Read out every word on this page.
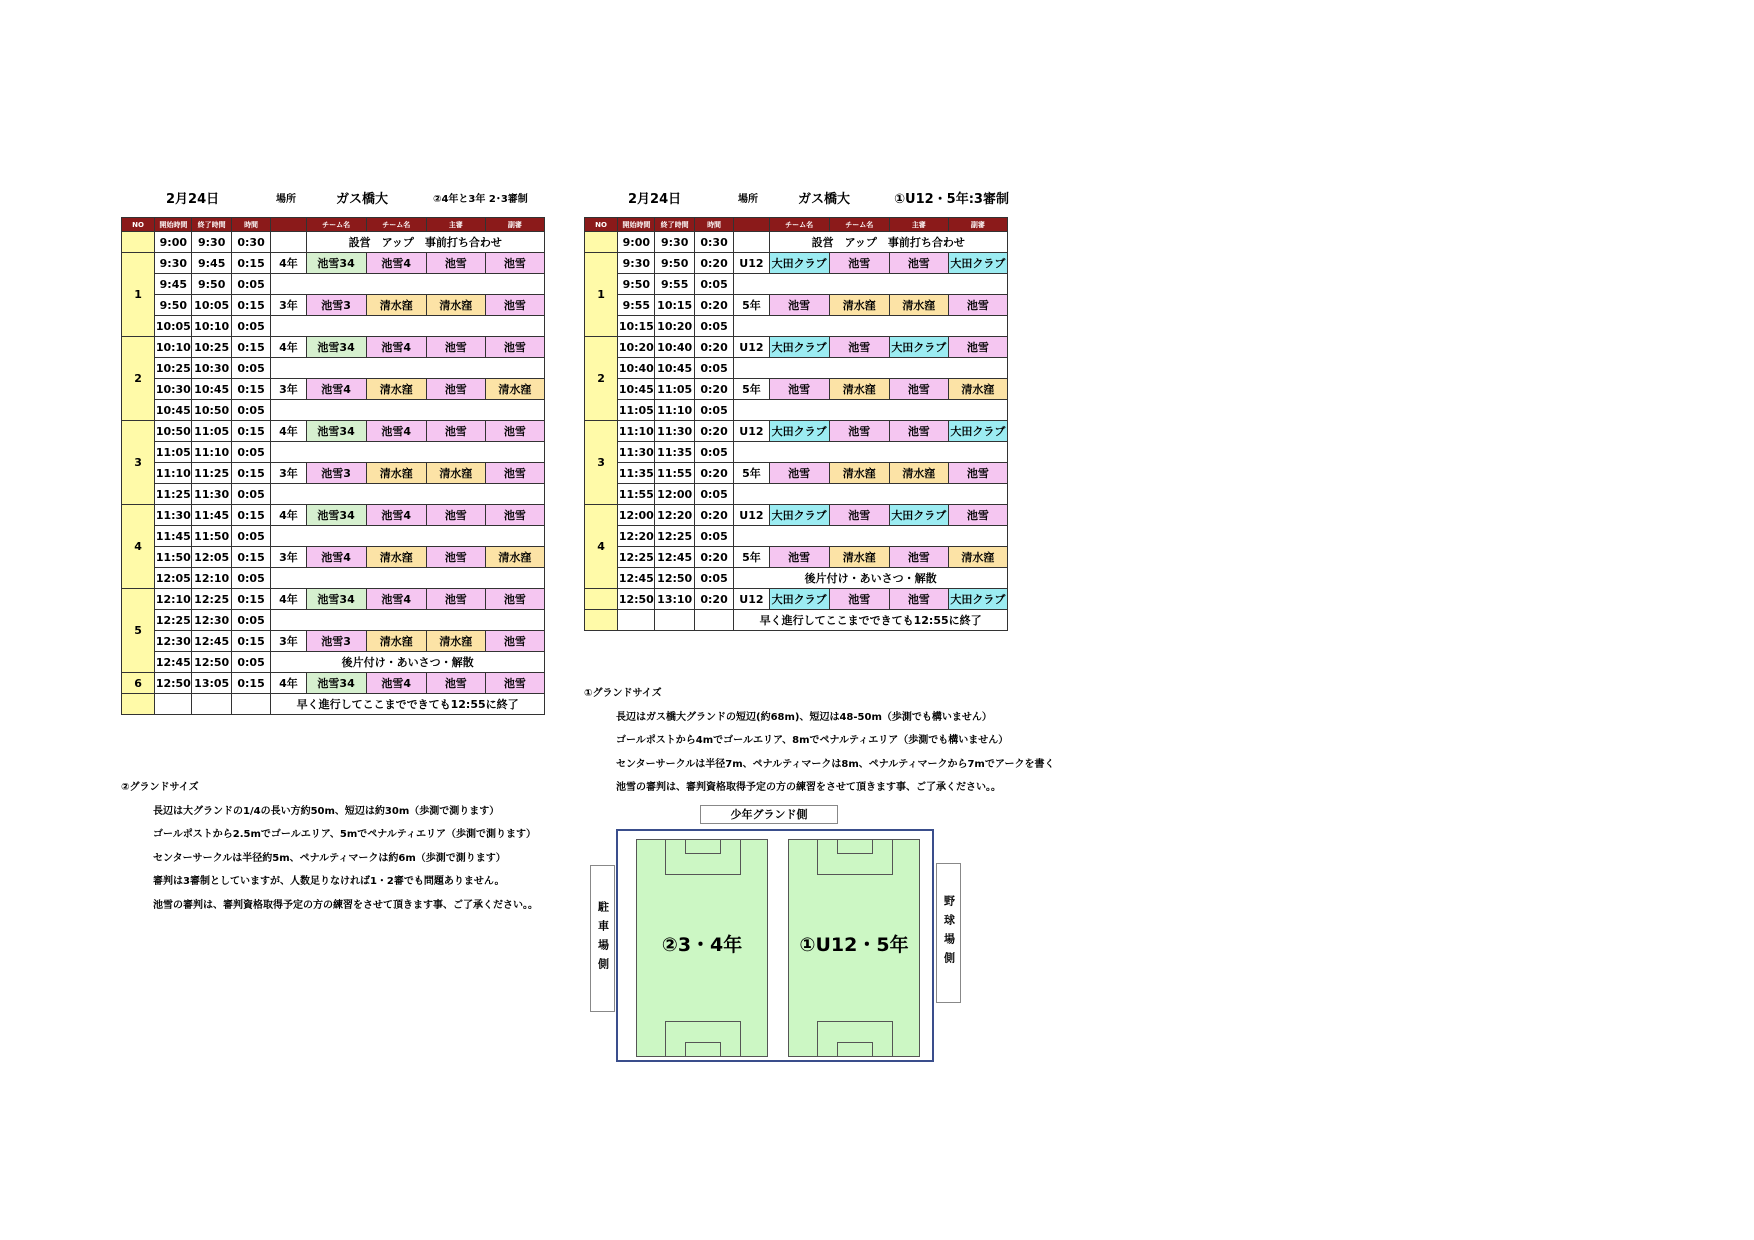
2月24日	場所	ガス橋大	②4年と3年 2･3審制
NO	開始時間	終了時間	時間		チーム名	チーム名	主審	副審
	9:00	9:30	0:30		設営　アップ　事前打ち合わせ			
1	9:30	9:45	0:15	4年	池雪34	池雪4	池雪	池雪
	9:45	9:50	0:05					
	9:50	10:05	0:15	3年	池雪3	清水窪	清水窪	池雪
	10:05	10:10	0:05					
2	10:10	10:25	0:15	4年	池雪34	池雪4	池雪	池雪
	10:25	10:30	0:05					
	10:30	10:45	0:15	3年	池雪4	清水窪	池雪	清水窪
	10:45	10:50	0:05					
3	10:50	11:05	0:15	4年	池雪34	池雪4	池雪	池雪
	11:05	11:10	0:05					
	11:10	11:25	0:15	3年	池雪3	清水窪	清水窪	池雪
	11:25	11:30	0:05					
4	11:30	11:45	0:15	4年	池雪34	池雪4	池雪	池雪
	11:45	11:50	0:05					
	11:50	12:05	0:15	3年	池雪4	清水窪	池雪	清水窪
	12:05	12:10	0:05					
5	12:10	12:25	0:15	4年	池雪34	池雪4	池雪	池雪
	12:25	12:30	0:05					
	12:30	12:45	0:15	3年	池雪3	清水窪	清水窪	池雪
	12:45	12:50	0:05	後片付け・あいさつ・解散				
6	12:50	13:05	0:15	4年	池雪34	池雪4	池雪	池雪
				早く進行してここまでできても12:55に終了				
②グランドサイズ
長辺は大グランドの1/4の長い方約50m、短辺は約30m（歩測で測ります）
ゴールポストから2.5mでゴールエリア、5mでペナルティエリア（歩測で測ります）
センターサークルは半径約5m、ペナルティマークは約6m（歩測で測ります）
審判は3審制としていますが、人数足りなければ1・2審でも問題ありません。
池雪の審判は、審判資格取得予定の方の練習をさせて頂きます事、ご了承ください。。
2月24日	場所	ガス橋大	①U12・5年:3審制
NO	開始時間	終了時間	時間		チーム名	チーム名	主審	副審
	9:00	9:30	0:30		設営　アップ　事前打ち合わせ			
1	9:30	9:50	0:20	U12	大田クラブ	池雪	池雪	大田クラブ
	9:50	9:55	0:05					
	9:55	10:15	0:20	5年	池雪	清水窪	清水窪	池雪
	10:15	10:20	0:05					
2	10:20	10:40	0:20	U12	大田クラブ	池雪	大田クラブ	池雪
	10:40	10:45	0:05					
	10:45	11:05	0:20	5年	池雪	清水窪	池雪	清水窪
	11:05	11:10	0:05					
3	11:10	11:30	0:20	U12	大田クラブ	池雪	池雪	大田クラブ
	11:30	11:35	0:05					
	11:35	11:55	0:20	5年	池雪	清水窪	清水窪	池雪
	11:55	12:00	0:05					
4	12:00	12:20	0:20	U12	大田クラブ	池雪	大田クラブ	池雪
	12:20	12:25	0:05					
	12:25	12:45	0:20	5年	池雪	清水窪	池雪	清水窪
	12:45	12:50	0:05	後片付け・あいさつ・解散				
	12:50	13:10	0:20	U12	大田クラブ	池雪	池雪	大田クラブ
				早く進行してここまでできても12:55に終了				
①グランドサイズ
長辺はガス橋大グランドの短辺(約68m)、短辺は48-50m（歩測でも構いません）
ゴールポストから4mでゴールエリア、8mでペナルティエリア（歩測でも構いません）
センターサークルは半径7m、ペナルティマークは8m、ペナルティマークから7mでアークを書く
池雪の審判は、審判資格取得予定の方の練習をさせて頂きます事、ご了承ください。。
少年グランド側
駐車場側	野球場側
②3・4年	①U12・5年
